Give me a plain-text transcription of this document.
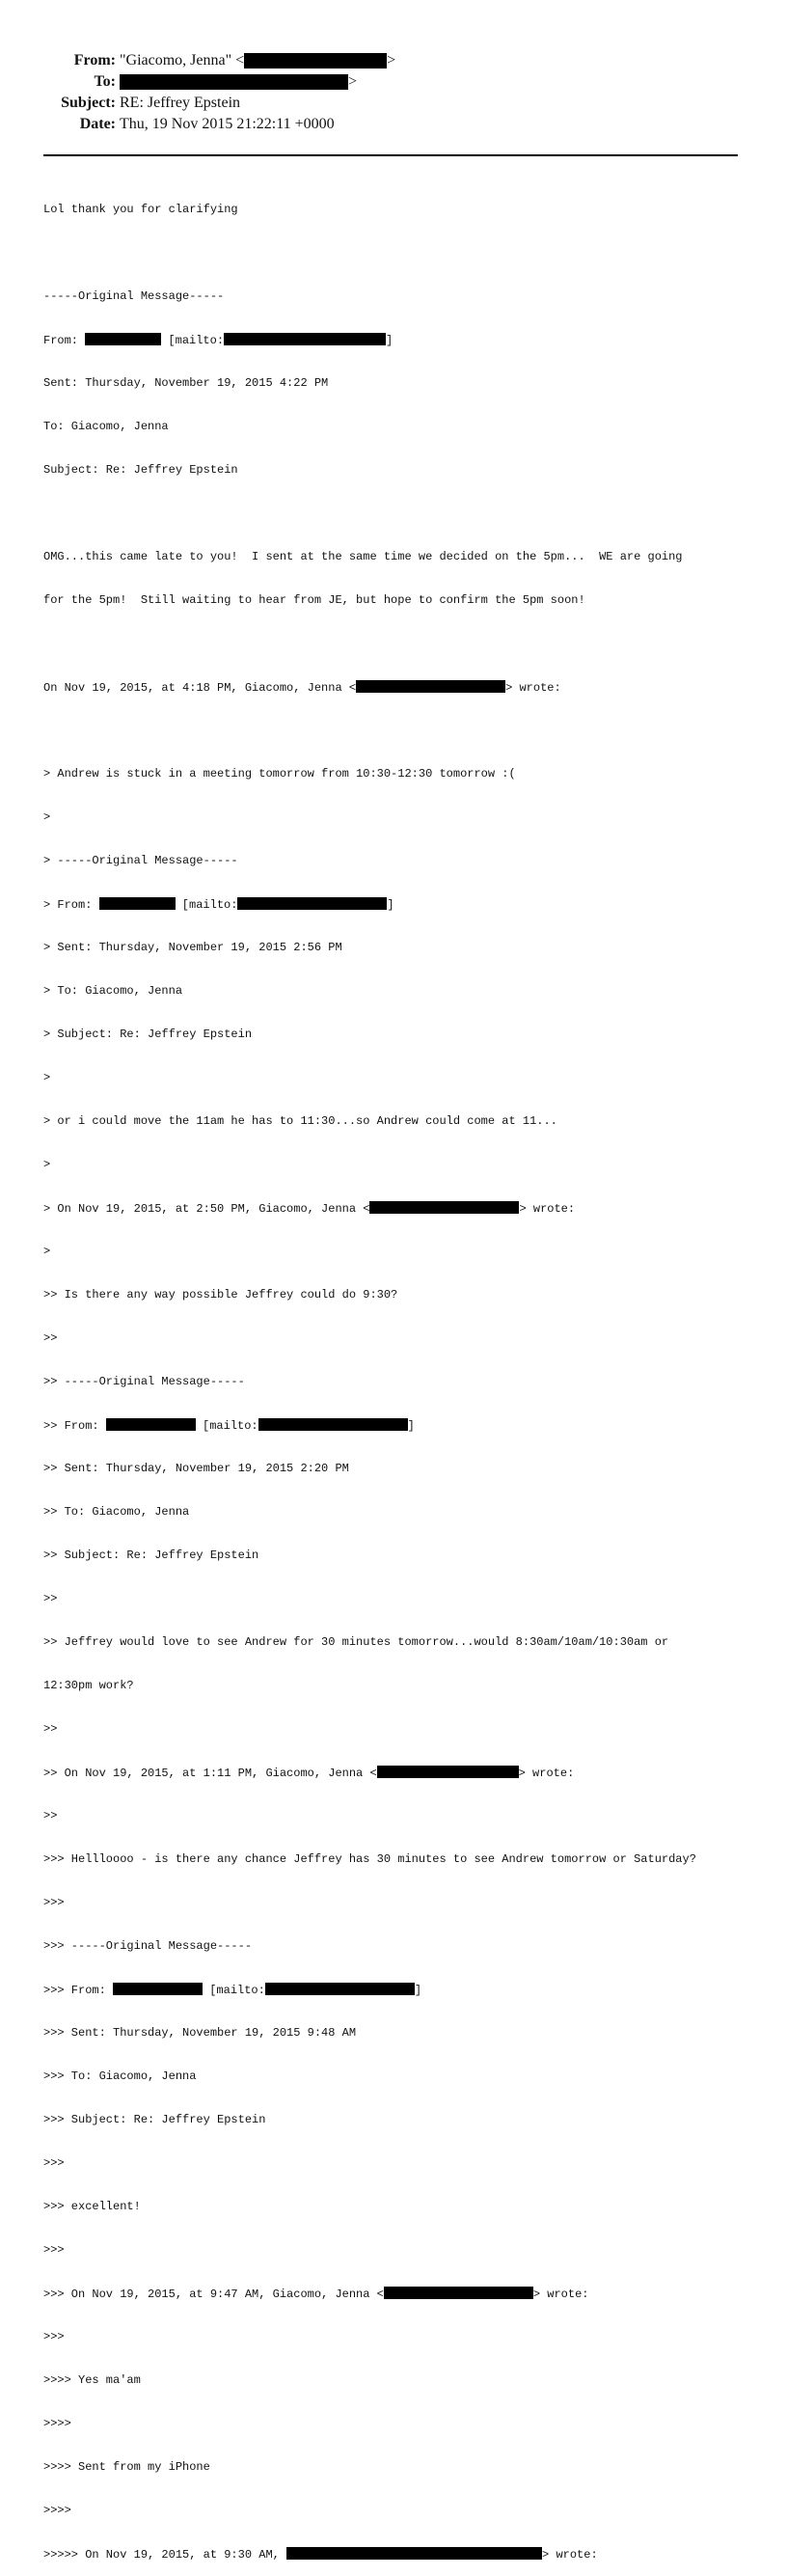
From: "Giacomo, Jenna" <	>
To:	>
Subject: RE: Jeffrey Epstein
Date: Thu, 19 Nov 2015 21:22:11 +0000

Lol thank you for clarifying

-----Original Message-----

From:	[mailto:	]

Sent: Thursday, November 19, 2015 4:22 PM

To: Giacomo, Jenna

Subject: Re: Jeffrey Epstein

OMG...this came late to you!  I sent at the same time we decided on the 5pm...  WE are going

for the 5pm!  Still waiting to hear from JE, but hope to confirm the 5pm soon!

On Nov 19, 2015, at 4:18 PM, Giacomo, Jenna <	> wrote:

> Andrew is stuck in a meeting tomorrow from 10:30-12:30 tomorrow :(

>

> -----Original Message-----

> From:	[mailto:	]

> Sent: Thursday, November 19, 2015 2:56 PM

> To: Giacomo, Jenna

> Subject: Re: Jeffrey Epstein

>

> or i could move the 11am he has to 11:30...so Andrew could come at 11...

>

> On Nov 19, 2015, at 2:50 PM, Giacomo, Jenna <	> wrote:

>

>> Is there any way possible Jeffrey could do 9:30?

>>

>> -----Original Message-----

>> From:	[mailto:	]

>> Sent: Thursday, November 19, 2015 2:20 PM

>> To: Giacomo, Jenna

>> Subject: Re: Jeffrey Epstein

>>

>> Jeffrey would love to see Andrew for 30 minutes tomorrow...would 8:30am/10am/10:30am or

12:30pm work?

>>

>> On Nov 19, 2015, at 1:11 PM, Giacomo, Jenna <	> wrote:

>>

>>> Hellloooo - is there any chance Jeffrey has 30 minutes to see Andrew tomorrow or Saturday?

>>>

>>> -----Original Message-----

>>> From:	[mailto:	]

>>> Sent: Thursday, November 19, 2015 9:48 AM

>>> To: Giacomo, Jenna

>>> Subject: Re: Jeffrey Epstein

>>>

>>> excellent!

>>>

>>> On Nov 19, 2015, at 9:47 AM, Giacomo, Jenna <	> wrote:

>>>

>>>> Yes ma'am

>>>>

>>>> Sent from my iPhone

>>>>

>>>>> On Nov 19, 2015, at 9:30 AM,	> wrote:
